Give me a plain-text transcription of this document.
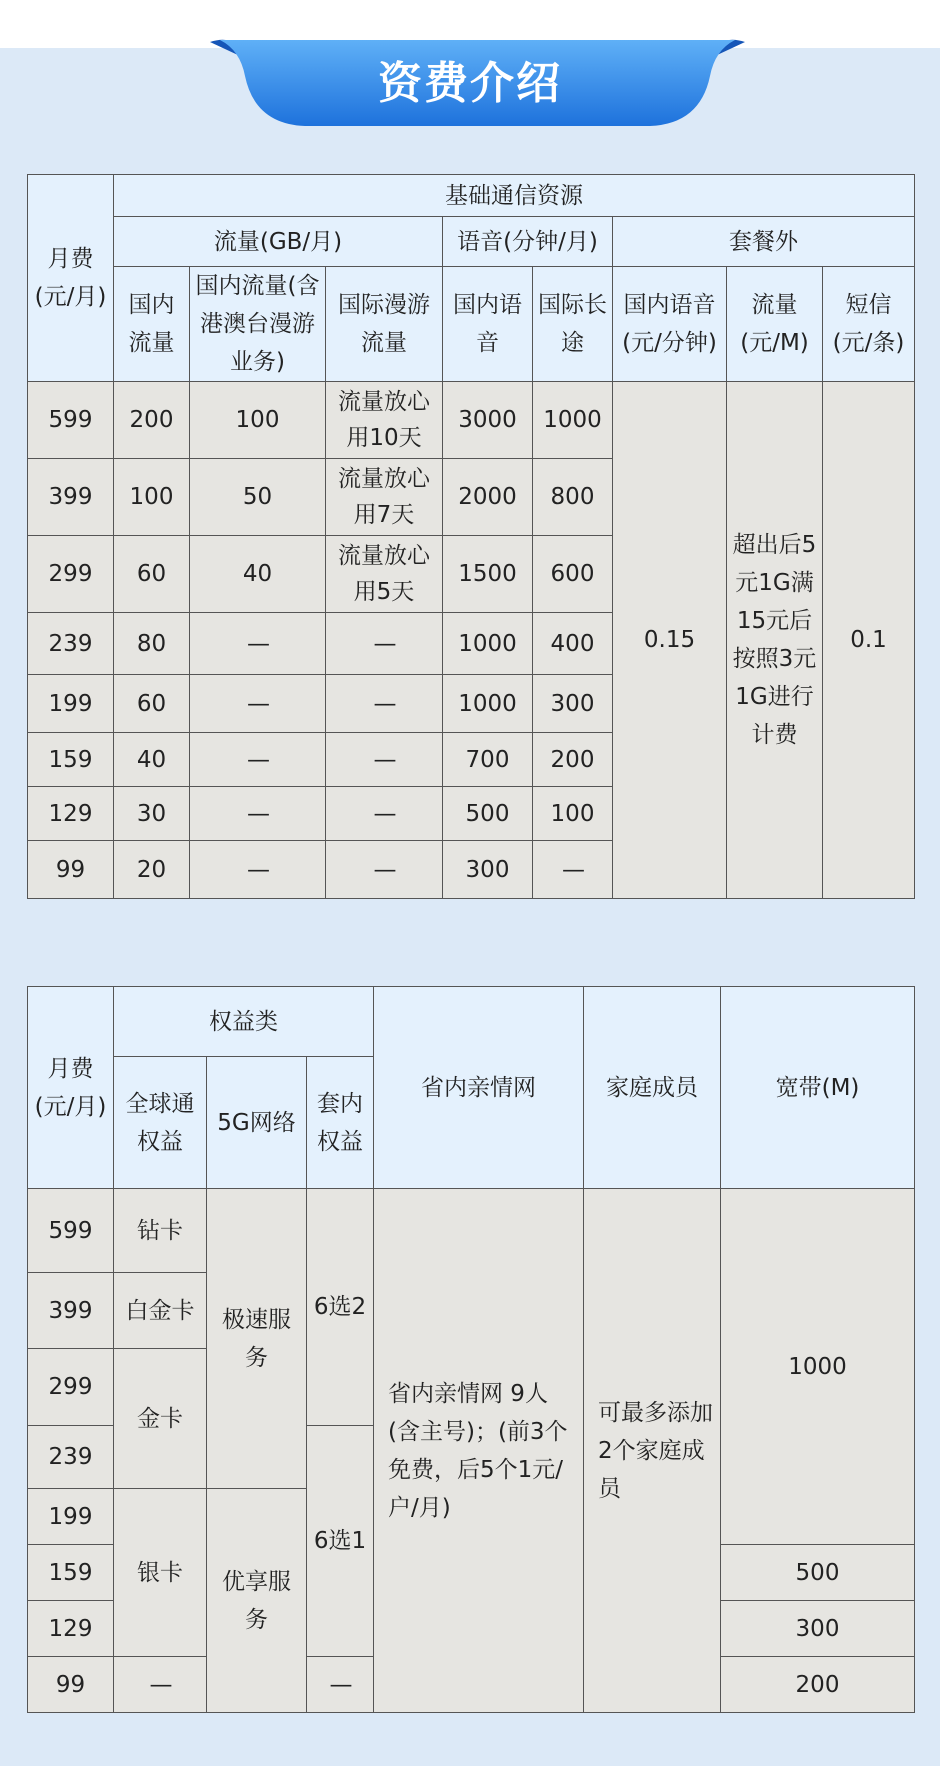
资费介绍
月费(元/月)	基础通信资源							
	流量(GB/月)			语音(分钟/月)		套餐外		
	国内流量	国内流量(含港澳台漫游业务)	国际漫游流量	国内语音	国际长途	国内语音(元/分钟)	流量(元/M)	短信(元/条)
599	200	100	流量放心用10天	3000	1000	0.15	超出后5元1G满15元后按照3元1G进行计费	0.1
399	100	50	流量放心用7天	2000	800			
299	60	40	流量放心用5天	1500	600			
239	80	—	—	1000	400			
199	60	—	—	1000	300			
159	40	—	—	700	200			
129	30	—	—	500	100			
99	20	—	—	300	—			
月费(元/月)	权益类			省内亲情网	家庭成员	宽带(M)
	全球通权益	5G网络	套内权益			
599	钻卡	极速服务	6选2	省内亲情网 9人(含主号)；(前3个免费，后5个1元/户/月)	可最多添加 2个家庭成员	1000
399	白金卡					
299	金卡					
239			6选1			
199	银卡	优享服务				
159						500
129						300
99	—		—			200
